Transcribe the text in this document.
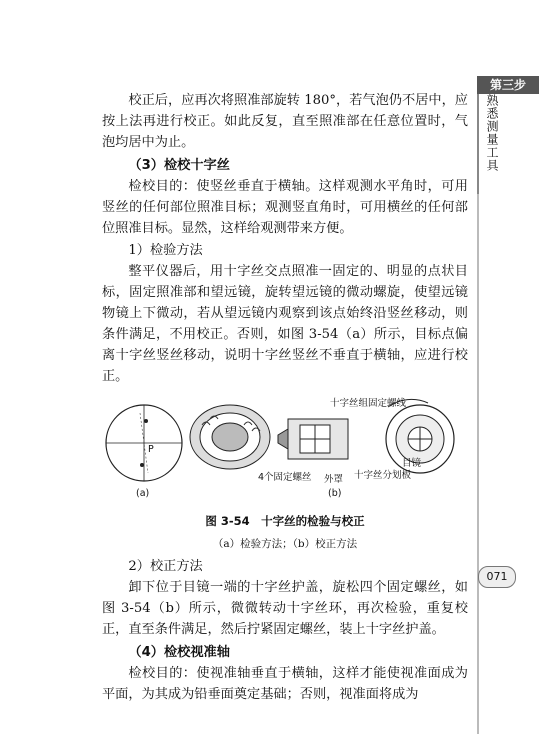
第三步
熟悉测量工具
071

校正后，应再次将照准部旋转 180°，若气泡仍不居中，应按上法再进行校正。如此反复，直至照准部在任意位置时，气泡均居中为止。

（3）检校十字丝

检校目的：使竖丝垂直于横轴。这样观测水平角时，可用竖丝的任何部位照准目标；观测竖直角时，可用横丝的任何部位照准目标。显然，这样给观测带来方便。

1）检验方法

整平仪器后，用十字丝交点照准一固定的、明显的点状目标，固定照准部和望远镜，旋转望远镜的微动螺旋，使望远镜物镜上下微动，若从望远镜内观察到该点始终沿竖丝移动，则条件满足，不用校正。否则，如图 3-54（a）所示，目标点偏离十字丝竖丝移动，说明十字丝竖丝不垂直于横轴，应进行校正。

P
十字丝组固定螺线
目镜
4个固定螺丝 外罩 十字丝分划板
(a)	(b)
图 3-54　十字丝的检验与校正
（a）检验方法；（b）校正方法

2）校正方法

卸下位于目镜一端的十字丝护盖，旋松四个固定螺丝，如图 3-54（b）所示，微微转动十字丝环，再次检验，重复校正，直至条件满足，然后拧紧固定螺丝，装上十字丝护盖。

（4）检校视准轴

检校目的：使视准轴垂直于横轴，这样才能使视准面成为平面，为其成为铅垂面奠定基础；否则，视准面将成为
